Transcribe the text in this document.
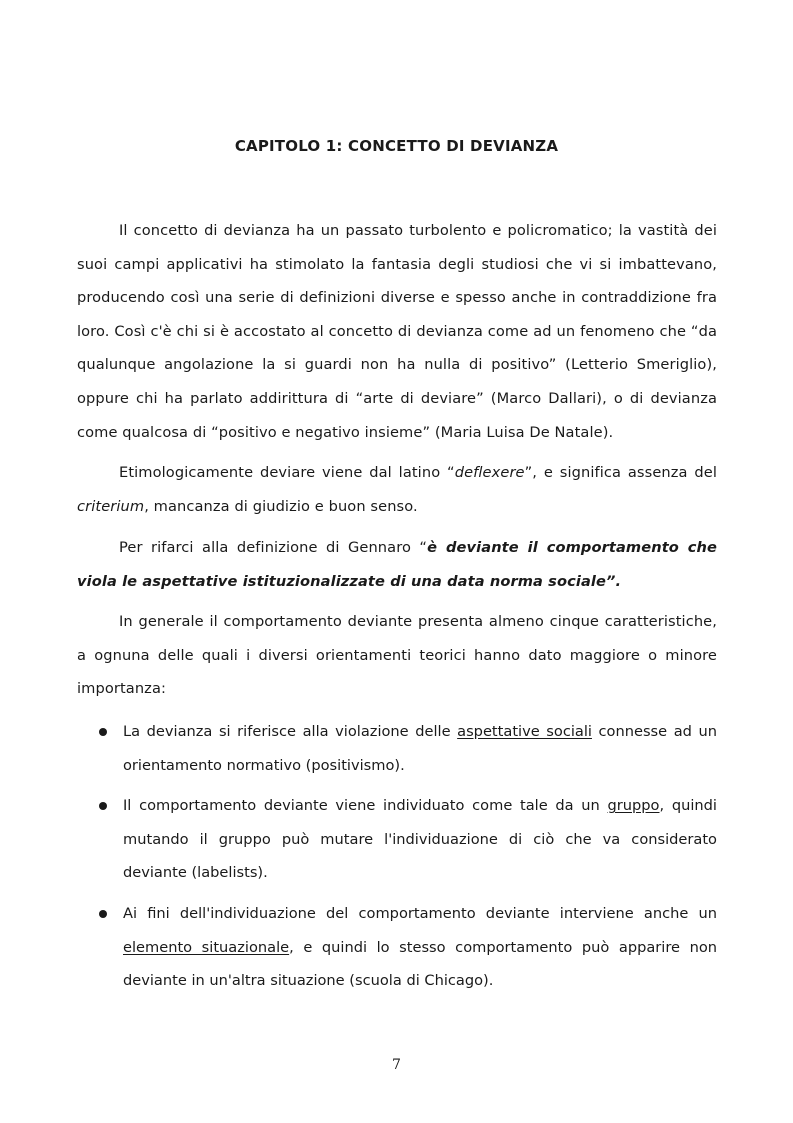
CAPITOLO 1: CONCETTO DI DEVIANZA

Il concetto di devianza ha un passato turbolento e policromatico; la vastità dei suoi campi applicativi ha stimolato la fantasia degli studiosi che vi si imbattevano, producendo così una serie di definizioni diverse e spesso anche in contraddizione fra loro. Così c'è chi si è accostato al concetto di devianza come ad un fenomeno che “da qualunque angolazione la si guardi non ha nulla di positivo” (Letterio Smeriglio), oppure chi ha parlato addirittura di “arte di deviare” (Marco Dallari), o di devianza come qualcosa di “positivo e negativo insieme” (Maria Luisa De Natale).

Etimologicamente deviare viene dal latino “deflexere”, e significa assenza del criterium, mancanza di giudizio e buon senso.

Per rifarci alla definizione di Gennaro “è deviante il comportamento che viola le aspettative istituzionalizzate di una data norma sociale”.

In generale il comportamento deviante presenta almeno cinque caratteristiche, a ognuna delle quali i diversi orientamenti teorici hanno dato maggiore o minore importanza:

La devianza si riferisce alla violazione delle aspettative sociali connesse ad un orientamento normativo (positivismo).
Il comportamento deviante viene individuato come tale da un gruppo, quindi mutando il gruppo può mutare l'individuazione di ciò che va considerato deviante (labelists).
Ai fini dell'individuazione del comportamento deviante interviene anche un elemento situazionale, e quindi lo stesso comportamento può apparire non deviante in un'altra situazione (scuola di Chicago).
7
